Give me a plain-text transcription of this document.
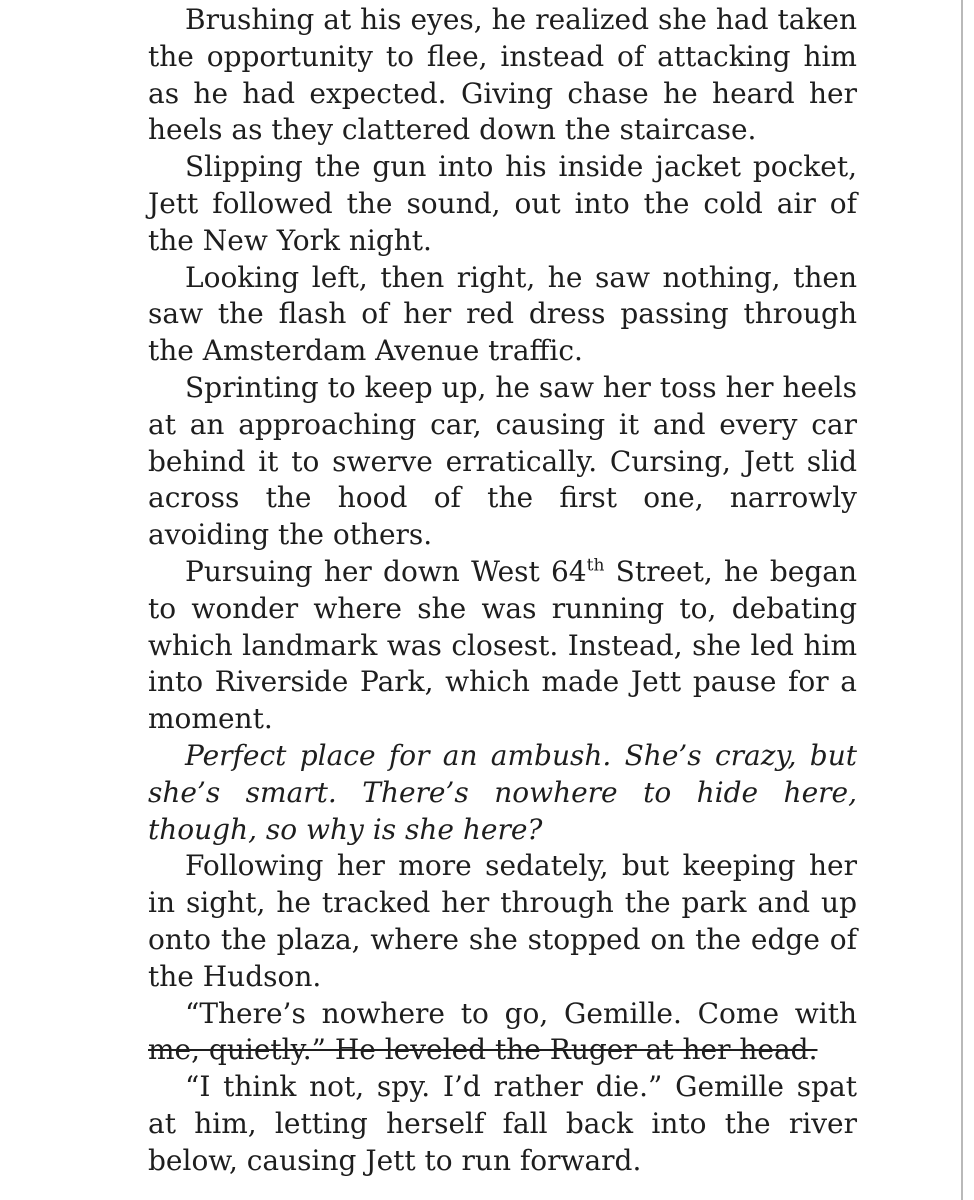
Brushing at his eyes, he realized she had taken the opportunity to flee, instead of attacking him as he had expected. Giving chase he heard her heels as they clattered down the staircase.

Slipping the gun into his inside jacket pocket, Jett followed the sound, out into the cold air of the New York night.

Looking left, then right, he saw nothing, then saw the flash of her red dress passing through the Amsterdam Avenue traffic.

Sprinting to keep up, he saw her toss her heels at an approaching car, causing it and every car behind it to swerve erratically. Cursing, Jett slid across the hood of the first one, narrowly avoiding the others.

Pursuing her down West 64th Street, he began to wonder where she was running to, debating which landmark was closest. Instead, she led him into Riverside Park, which made Jett pause for a moment.

Perfect place for an ambush. She’s crazy, but she’s smart. There’s nowhere to hide here, though, so why is she here?

Following her more sedately, but keeping her in sight, he tracked her through the park and up onto the plaza, where she stopped on the edge of the Hudson.

“There’s nowhere to go, Gemille. Come with me, quietly.” He leveled the Ruger at her head.

“I think not, spy. I’d rather die.” Gemille spat at him, letting herself fall back into the river below, causing Jett to run forward.
